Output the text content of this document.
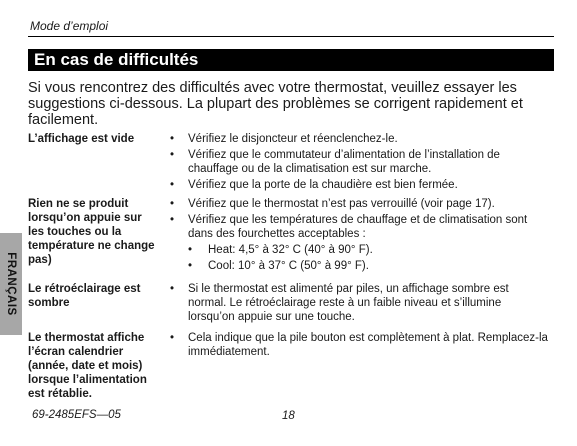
Mode d’emploi
En cas de difficultés
Si vous rencontrez des difficultés avec votre thermostat, veuillez essayer les suggestions ci-dessous. La plupart des problèmes se corrigent rapidement et facilement.
FRANÇAIS
L’affichage est vide	• Vérifiez le disjoncteur et réenclenchez-le.
• Vérifiez que le commutateur d’alimentation de l’installation de chauffage ou de la climatisation est sur marche.
• Vérifiez que la porte de la chaudière est bien fermée.
Rien ne se produit lorsqu’on appuie sur les touches ou la température ne change pas)
• Vérifiez que le thermostat n’est pas verrouillé (voir page 17).
• Vérifiez que les températures de chauffage et de climatisation sont dans des fourchettes acceptables :
• Heat: 4,5° à 32° C (40° à 90° F).
• Cool: 10° à 37° C (50° à 99° F).
Le rétroéclairage est sombre
• Si le thermostat est alimenté par piles, un affichage sombre est normal. Le rétroéclairage reste à un faible niveau et s’illumine lorsqu’on appuie sur une touche.
Le thermostat affiche l’écran calendrier (année, date et mois) lorsque l’alimentation est rétablie.
• Cela indique que la pile bouton est complètement à plat. Remplacez-la immédiatement.
69-2485EFS—05	18
